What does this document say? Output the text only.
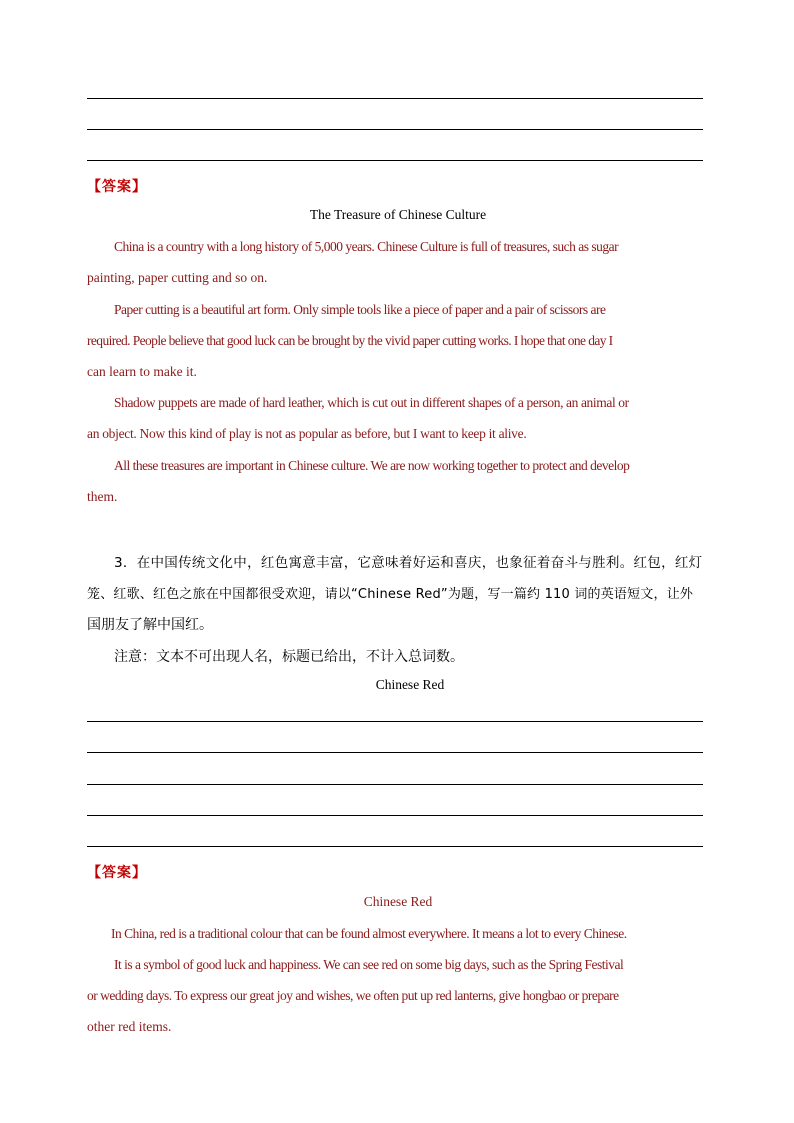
【答案】
The Treasure of Chinese Culture
China is a country with a long history of 5,000 years. Chinese Culture is full of treasures, such as sugar
painting, paper cutting and so on.
Paper cutting is a beautiful art form. Only simple tools like a piece of paper and a pair of scissors are
required. People believe that good luck can be brought by the vivid paper cutting works. I hope that one day I
can learn to make it.
Shadow puppets are made of hard leather, which is cut out in different shapes of a person, an animal or
an object. Now this kind of play is not as popular as before, but I want to keep it alive.
All these treasures are important in Chinese culture. We are now working together to protect and develop
them.
3．在中国传统文化中，红色寓意丰富，它意味着好运和喜庆，也象征着奋斗与胜利。红包，红灯
笼、红歌、红色之旅在中国都很受欢迎，请以“Chinese Red”为题，写一篇约 110 词的英语短文，让外
国朋友了解中国红。
注意：文本不可出现人名，标题已给出，不计入总词数。
Chinese Red
【答案】
Chinese Red
In China, red is a traditional colour that can be found almost everywhere. It means a lot to every Chinese.
It is a symbol of good luck and happiness. We can see red on some big days, such as the Spring Festival
or wedding days. To express our great joy and wishes, we often put up red lanterns, give hongbao or prepare
other red items.
